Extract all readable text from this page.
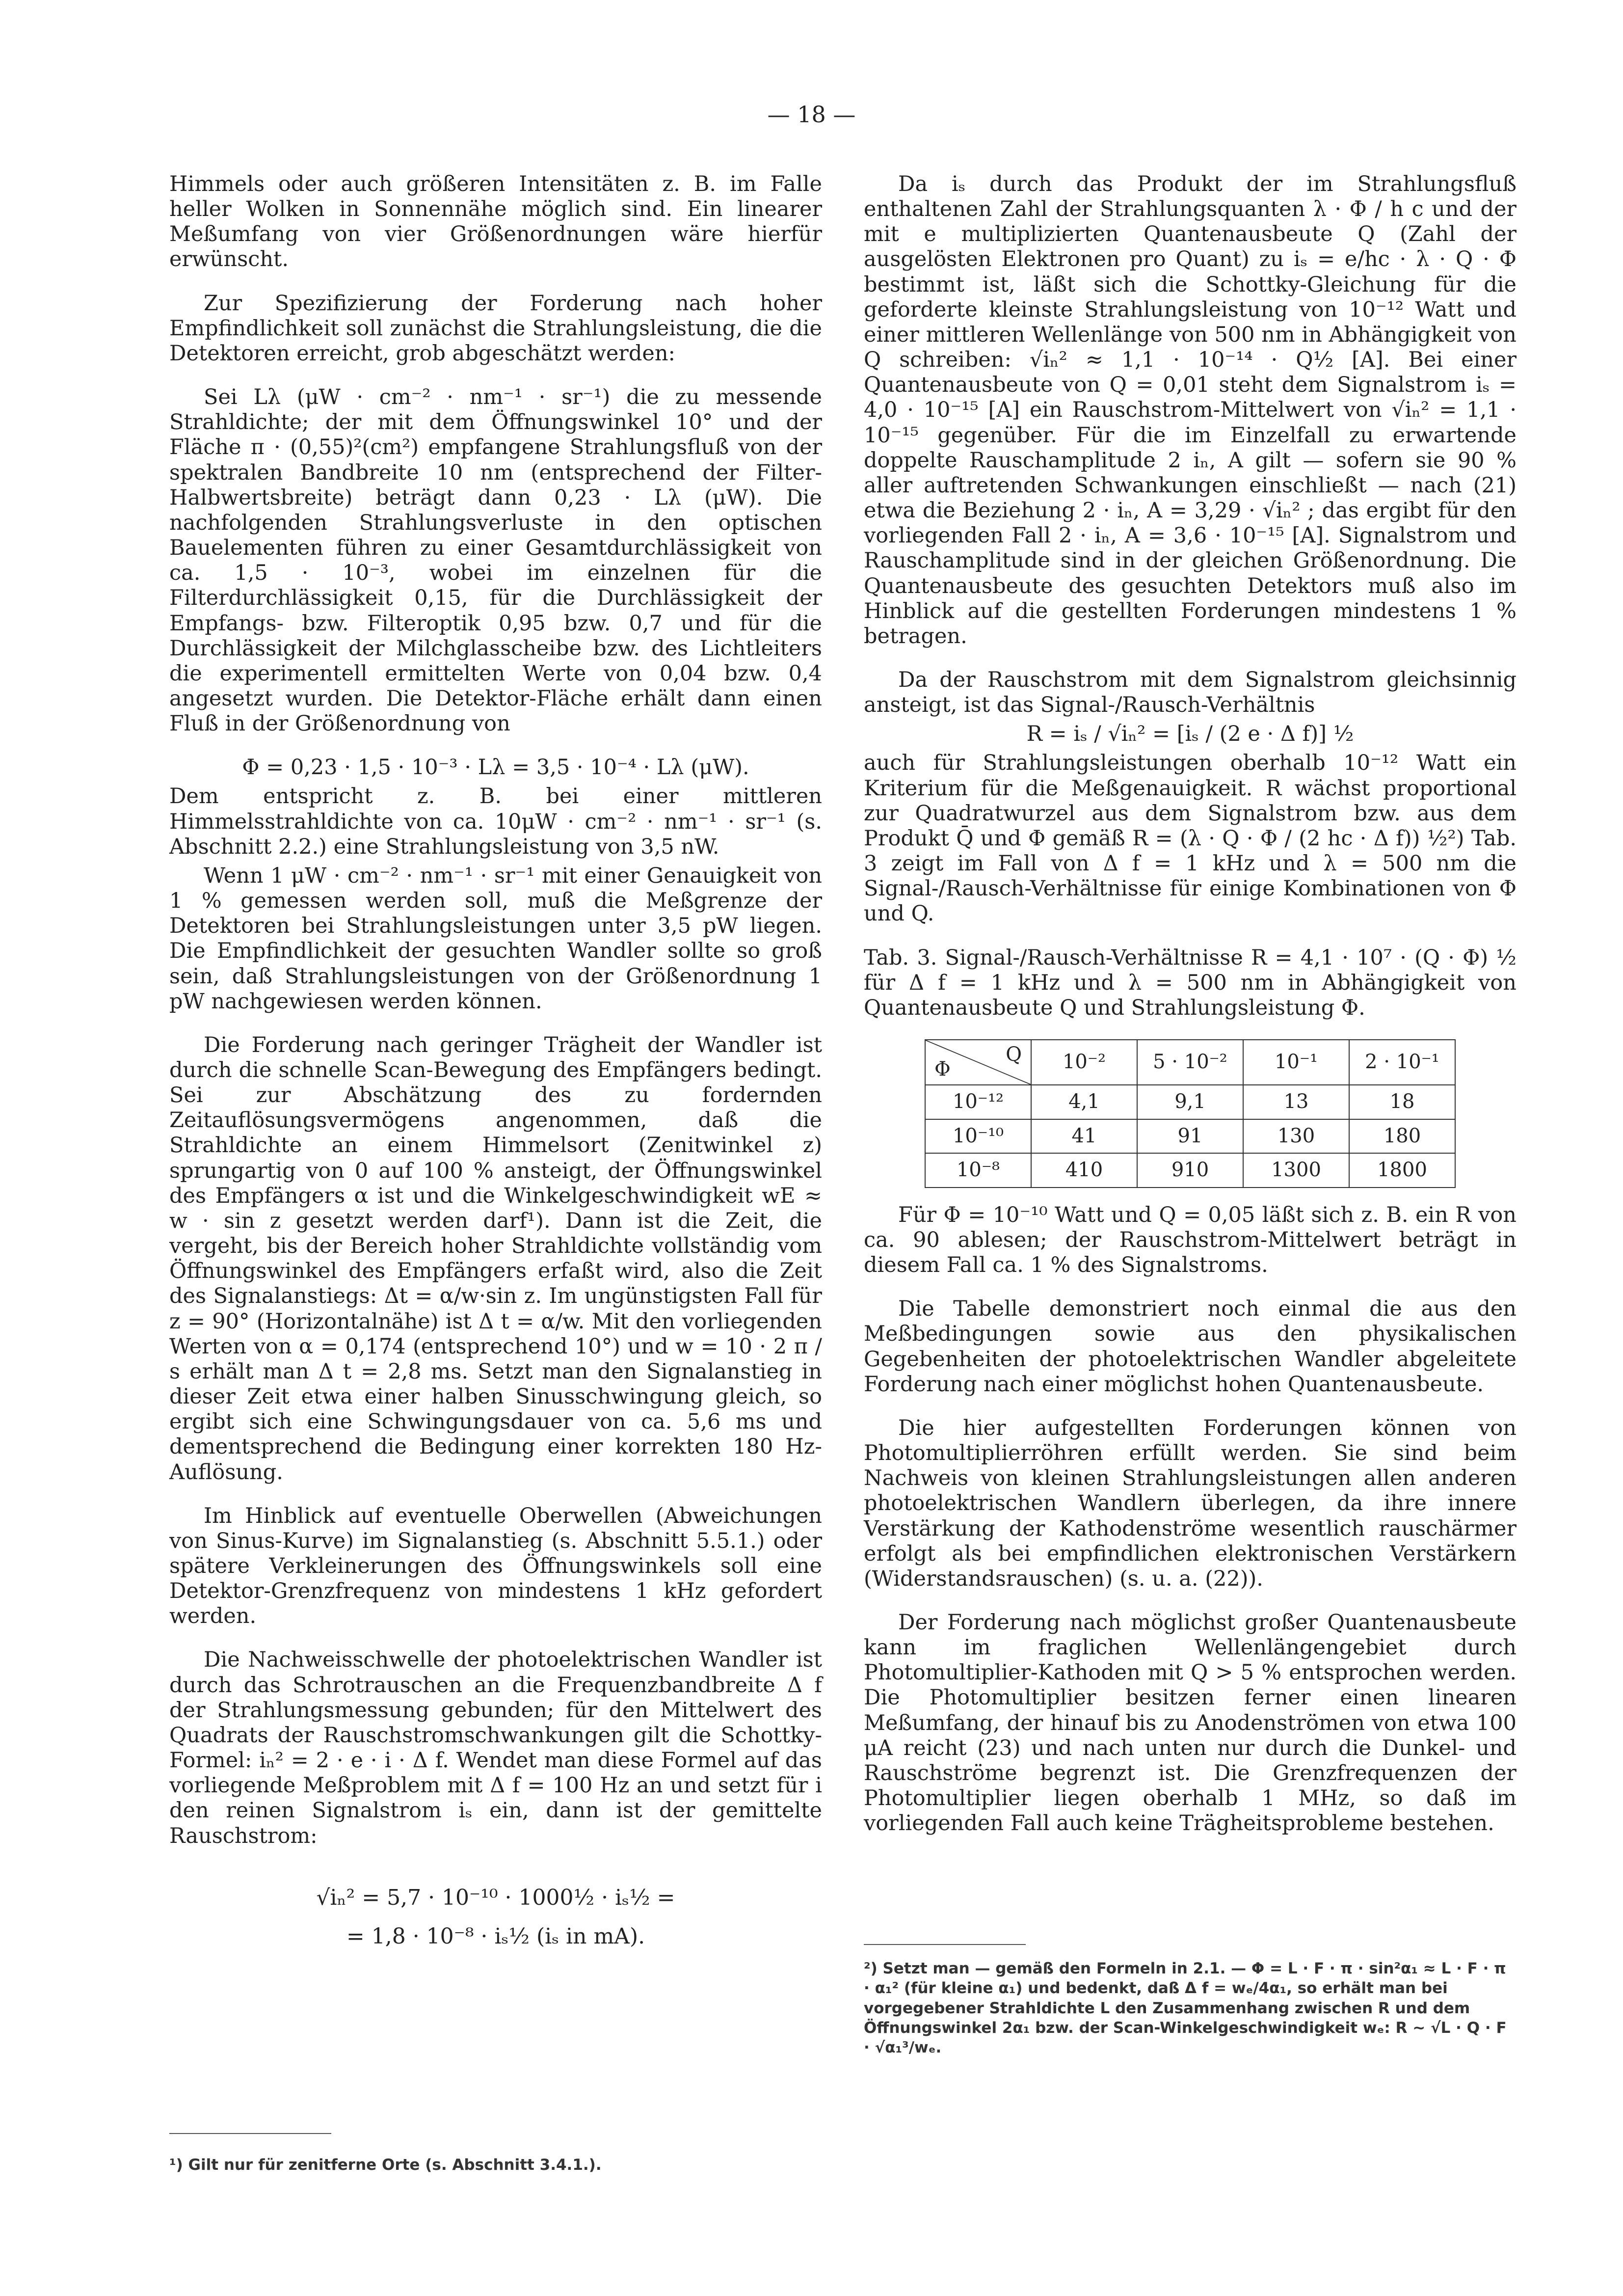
— 18 —

Himmels oder auch größeren Intensitäten z. B. im Falle heller Wolken in Sonnennähe möglich sind. Ein linearer Meßumfang von vier Größenordnungen wäre hierfür erwünscht.

Zur Spezifizierung der Forderung nach hoher Empfindlichkeit soll zunächst die Strahlungsleistung, die die Detektoren erreicht, grob abgeschätzt werden:

Sei Lλ (μW · cm⁻² · nm⁻¹ · sr⁻¹) die zu messende Strahldichte; der mit dem Öffnungswinkel 10° und der Fläche π · (0,55)²(cm²) empfangene Strahlungsfluß von der spektralen Bandbreite 10 nm (entsprechend der Filter-Halbwertsbreite) beträgt dann 0,23 · Lλ (μW). Die nachfolgenden Strahlungsverluste in den optischen Bauelementen führen zu einer Gesamtdurchlässigkeit von ca. 1,5 · 10⁻³, wobei im einzelnen für die Filterdurchlässigkeit 0,15, für die Durchlässigkeit der Empfangs- bzw. Filteroptik 0,95 bzw. 0,7 und für die Durchlässigkeit der Milchglasscheibe bzw. des Lichtleiters die experimentell ermittelten Werte von 0,04 bzw. 0,4 angesetzt wurden. Die Detektor-Fläche erhält dann einen Fluß in der Größenordnung von

Φ = 0,23 · 1,5 · 10⁻³ · Lλ = 3,5 · 10⁻⁴ · Lλ (μW).

Dem entspricht z. B. bei einer mittleren Himmelsstrahldichte von ca. 10μW · cm⁻² · nm⁻¹ · sr⁻¹ (s. Abschnitt 2.2.) eine Strahlungsleistung von 3,5 nW.

Wenn 1 μW · cm⁻² · nm⁻¹ · sr⁻¹ mit einer Genauigkeit von 1 % gemessen werden soll, muß die Meßgrenze der Detektoren bei Strahlungsleistungen unter 3,5 pW liegen. Die Empfindlichkeit der gesuchten Wandler sollte so groß sein, daß Strahlungsleistungen von der Größenordnung 1 pW nachgewiesen werden können.

Die Forderung nach geringer Trägheit der Wandler ist durch die schnelle Scan-Bewegung des Empfängers bedingt. Sei zur Abschätzung des zu fordernden Zeitauflösungsvermögens angenommen, daß die Strahldichte an einem Himmelsort (Zenitwinkel z) sprungartig von 0 auf 100 % ansteigt, der Öffnungswinkel des Empfängers α ist und die Winkelgeschwindigkeit wE ≈ w · sin z gesetzt werden darf¹). Dann ist die Zeit, die vergeht, bis der Bereich hoher Strahldichte vollständig vom Öffnungswinkel des Empfängers erfaßt wird, also die Zeit des Signalanstiegs: Δt = α/w·sin z. Im ungünstigsten Fall für z = 90° (Horizontalnähe) ist Δ t = α/w. Mit den vorliegenden Werten von α = 0,174 (entsprechend 10°) und w = 10 · 2 π / s erhält man Δ t = 2,8 ms. Setzt man den Signalanstieg in dieser Zeit etwa einer halben Sinusschwingung gleich, so ergibt sich eine Schwingungsdauer von ca. 5,6 ms und dementsprechend die Bedingung einer korrekten 180 Hz-Auflösung.

Im Hinblick auf eventuelle Oberwellen (Abweichungen von Sinus-Kurve) im Signalanstieg (s. Abschnitt 5.5.1.) oder spätere Verkleinerungen des Öffnungswinkels soll eine Detektor-Grenzfrequenz von mindestens 1 kHz gefordert werden.

Die Nachweisschwelle der photoelektrischen Wandler ist durch das Schrotrauschen an die Frequenzbandbreite Δ f der Strahlungsmessung gebunden; für den Mittelwert des Quadrats der Rauschstromschwankungen gilt die Schottky-Formel: iₙ² = 2 · e · i · Δ f. Wendet man diese Formel auf das vorliegende Meßproblem mit Δ f = 100 Hz an und setzt für i den reinen Signalstrom iₛ ein, dann ist der gemittelte Rauschstrom:

√iₙ² = 5,7 · 10⁻¹⁰ · 1000½ · iₛ½ =
= 1,8 · 10⁻⁸ · iₛ½ (iₛ in mA).
¹) Gilt nur für zenitferne Orte (s. Abschnitt 3.4.1.).

Da iₛ durch das Produkt der im Strahlungsfluß enthaltenen Zahl der Strahlungsquanten λ · Φ / h c und der mit e multiplizierten Quantenausbeute Q (Zahl der ausgelösten Elektronen pro Quant) zu iₛ = e/hc · λ · Q · Φ bestimmt ist, läßt sich die Schottky-Gleichung für die geforderte kleinste Strahlungsleistung von 10⁻¹² Watt und einer mittleren Wellenlänge von 500 nm in Abhängigkeit von Q schreiben: √iₙ² ≈ 1,1 · 10⁻¹⁴ · Q½ [A]. Bei einer Quantenausbeute von Q = 0,01 steht dem Signalstrom iₛ = 4,0 · 10⁻¹⁵ [A] ein Rauschstrom-Mittelwert von √iₙ² = 1,1 · 10⁻¹⁵ gegenüber. Für die im Einzelfall zu erwartende doppelte Rauschamplitude 2 iₙ, A gilt — sofern sie 90 % aller auftretenden Schwankungen einschließt — nach (21) etwa die Beziehung 2 · iₙ, A = 3,29 · √iₙ² ; das ergibt für den vorliegenden Fall 2 · iₙ, A = 3,6 · 10⁻¹⁵ [A]. Signalstrom und Rauschamplitude sind in der gleichen Größenordnung. Die Quantenausbeute des gesuchten Detektors muß also im Hinblick auf die gestellten Forderungen mindestens 1 % betragen.

Da der Rauschstrom mit dem Signalstrom gleichsinnig ansteigt, ist das Signal-/Rausch-Verhältnis

R = iₛ / √iₙ² = [iₛ / (2 e · Δ f)] ½

auch für Strahlungsleistungen oberhalb 10⁻¹² Watt ein Kriterium für die Meßgenauigkeit. R wächst proportional zur Quadratwurzel aus dem Signalstrom bzw. aus dem Produkt Q̄ und Φ gemäß R = (λ · Q · Φ / (2 hc · Δ f)) ½²) Tab. 3 zeigt im Fall von Δ f = 1 kHz und λ = 500 nm die Signal-/Rausch-Verhältnisse für einige Kombinationen von Φ und Q.

Tab. 3. Signal-/Rausch-Verhältnisse R = 4,1 · 10⁷ · (Q · Φ) ½ für Δ f = 1 kHz und λ = 500 nm in Abhängigkeit von Quantenausbeute Q und Strahlungsleistung Φ.

Q
Φ	10⁻²	5 · 10⁻²	10⁻¹	2 · 10⁻¹
10⁻¹²	4,1	9,1	13	18
10⁻¹⁰	41	91	130	180
10⁻⁸	410	910	1300	1800

Für Φ = 10⁻¹⁰ Watt und Q = 0,05 läßt sich z. B. ein R von ca. 90 ablesen; der Rauschstrom-Mittelwert beträgt in diesem Fall ca. 1 % des Signalstroms.

Die Tabelle demonstriert noch einmal die aus den Meßbedingungen sowie aus den physikalischen Gegebenheiten der photoelektrischen Wandler abgeleitete Forderung nach einer möglichst hohen Quantenausbeute.

Die hier aufgestellten Forderungen können von Photomultiplierröhren erfüllt werden. Sie sind beim Nachweis von kleinen Strahlungsleistungen allen anderen photoelektrischen Wandlern überlegen, da ihre innere Verstärkung der Kathodenströme wesentlich rauschärmer erfolgt als bei empfindlichen elektronischen Verstärkern (Widerstandsrauschen) (s. u. a. (22)).

Der Forderung nach möglichst großer Quantenausbeute kann im fraglichen Wellenlängengebiet durch Photomultiplier-Kathoden mit Q > 5 % entsprochen werden. Die Photomultiplier besitzen ferner einen linearen Meßumfang, der hinauf bis zu Anodenströmen von etwa 100 μA reicht (23) und nach unten nur durch die Dunkel- und Rauschströme begrenzt ist. Die Grenzfrequenzen der Photomultiplier liegen oberhalb 1 MHz, so daß im vorliegenden Fall auch keine Trägheitsprobleme bestehen.

²) Setzt man — gemäß den Formeln in 2.1. — Φ = L · F · π · sin²α₁ ≈ L · F · π · α₁² (für kleine α₁) und bedenkt, daß Δ f = wₑ/4α₁, so erhält man bei vorgegebener Strahldichte L den Zusammenhang zwischen R und dem Öffnungswinkel 2α₁ bzw. der Scan-Winkelgeschwindigkeit wₑ: R ~ √L · Q · F · √α₁³/wₑ.
